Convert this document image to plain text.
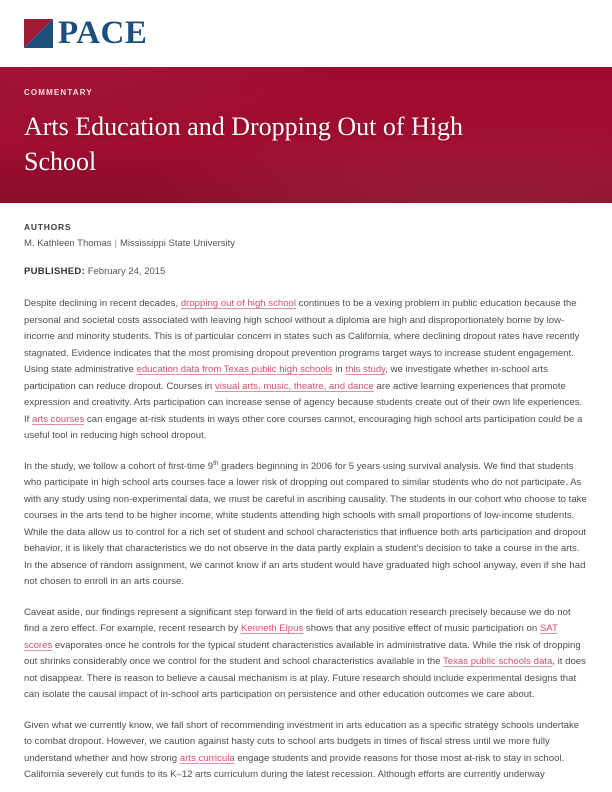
PACE
COMMENTARY
Arts Education and Dropping Out of High School
AUTHORS
M. Kathleen Thomas | Mississippi State University
PUBLISHED: February 24, 2015

Despite declining in recent decades, dropping out of high school continues to be a vexing problem in public education because the personal and societal costs associated with leaving high school without a diploma are high and disproportionately borne by low-income and minority students. This is of particular concern in states such as California, where declining dropout rates have recently stagnated. Evidence indicates that the most promising dropout prevention programs target ways to increase student engagement. Using state administrative education data from Texas public high schools in this study, we investigate whether in-school arts participation can reduce dropout. Courses in visual arts, music, theatre, and dance are active learning experiences that promote expression and creativity. Arts participation can increase sense of agency because students create out of their own life experiences. If arts courses can engage at-risk students in ways other core courses cannot, encouraging high school arts participation could be a useful tool in reducing high school dropout.

In the study, we follow a cohort of first-time 9th graders beginning in 2006 for 5 years using survival analysis. We find that students who participate in high school arts courses face a lower risk of dropping out compared to similar students who do not participate. As with any study using non-experimental data, we must be careful in ascribing causality. The students in our cohort who choose to take courses in the arts tend to be higher income, white students attending high schools with small proportions of low-income students. While the data allow us to control for a rich set of student and school characteristics that influence both arts participation and dropout behavior, it is likely that characteristics we do not observe in the data partly explain a student’s decision to take a course in the arts. In the absence of random assignment, we cannot know if an arts student would have graduated high school anyway, even if she had not chosen to enroll in an arts course.

Caveat aside, our findings represent a significant step forward in the field of arts education research precisely because we do not find a zero effect. For example, recent research by Kenneth Elpus shows that any positive effect of music participation on SAT scores evaporates once he controls for the typical student characteristics available in administrative data. While the risk of dropping out shrinks considerably once we control for the student and school characteristics available in the Texas public schools data, it does not disappear. There is reason to believe a causal mechanism is at play. Future research should include experimental designs that can isolate the causal impact of in-school arts participation on persistence and other education outcomes we care about.

Given what we currently know, we fall short of recommending investment in arts education as a specific strategy schools undertake to combat dropout. However, we caution against hasty cuts to school arts budgets in times of fiscal stress until we more fully understand whether and how strong arts curricula engage students and provide reasons for those most at-risk to stay in school. California severely cut funds to its K–12 arts curriculum during the latest recession. Although efforts are currently underway
